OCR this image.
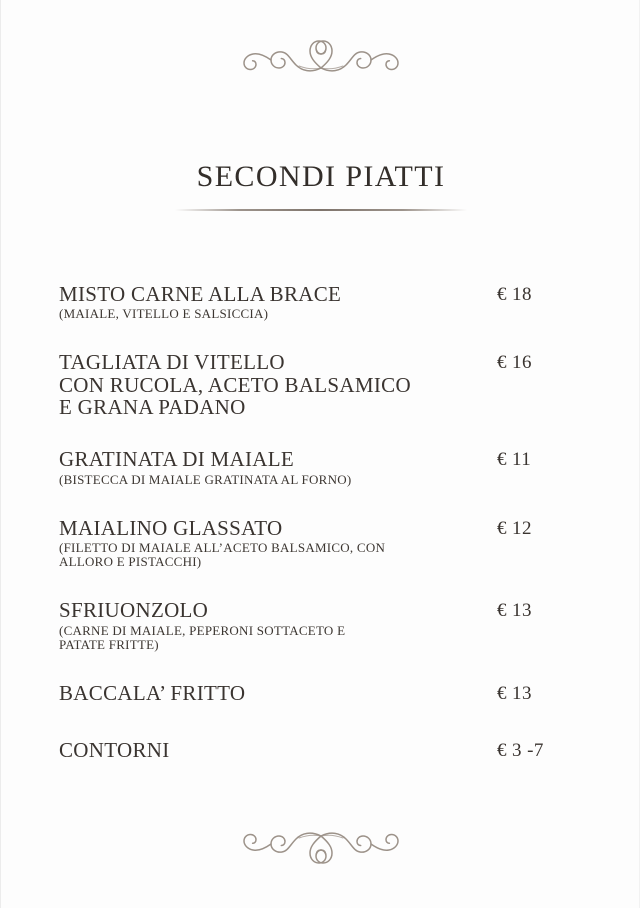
SECONDI PIATTI
MISTO CARNE ALLA BRACE	€ 18
(MAIALE, VITELLO E SALSICCIA)
TAGLIATA DI VITELLO
CON RUCOLA, ACETO BALSAMICO
E GRANA PADANO
€ 16
GRATINATA DI MAIALE	€ 11
(BISTECCA DI MAIALE GRATINATA AL FORNO)
MAIALINO GLASSATO	€ 12
(FILETTO DI MAIALE ALL’ACETO BALSAMICO, CON
ALLORO E PISTACCHI)
SFRIUONZOLO	€ 13
(CARNE DI MAIALE, PEPERONI SOTTACETO E
PATATE FRITTE)
BACCALA’ FRITTO	€ 13
CONTORNI	€ 3 -7
